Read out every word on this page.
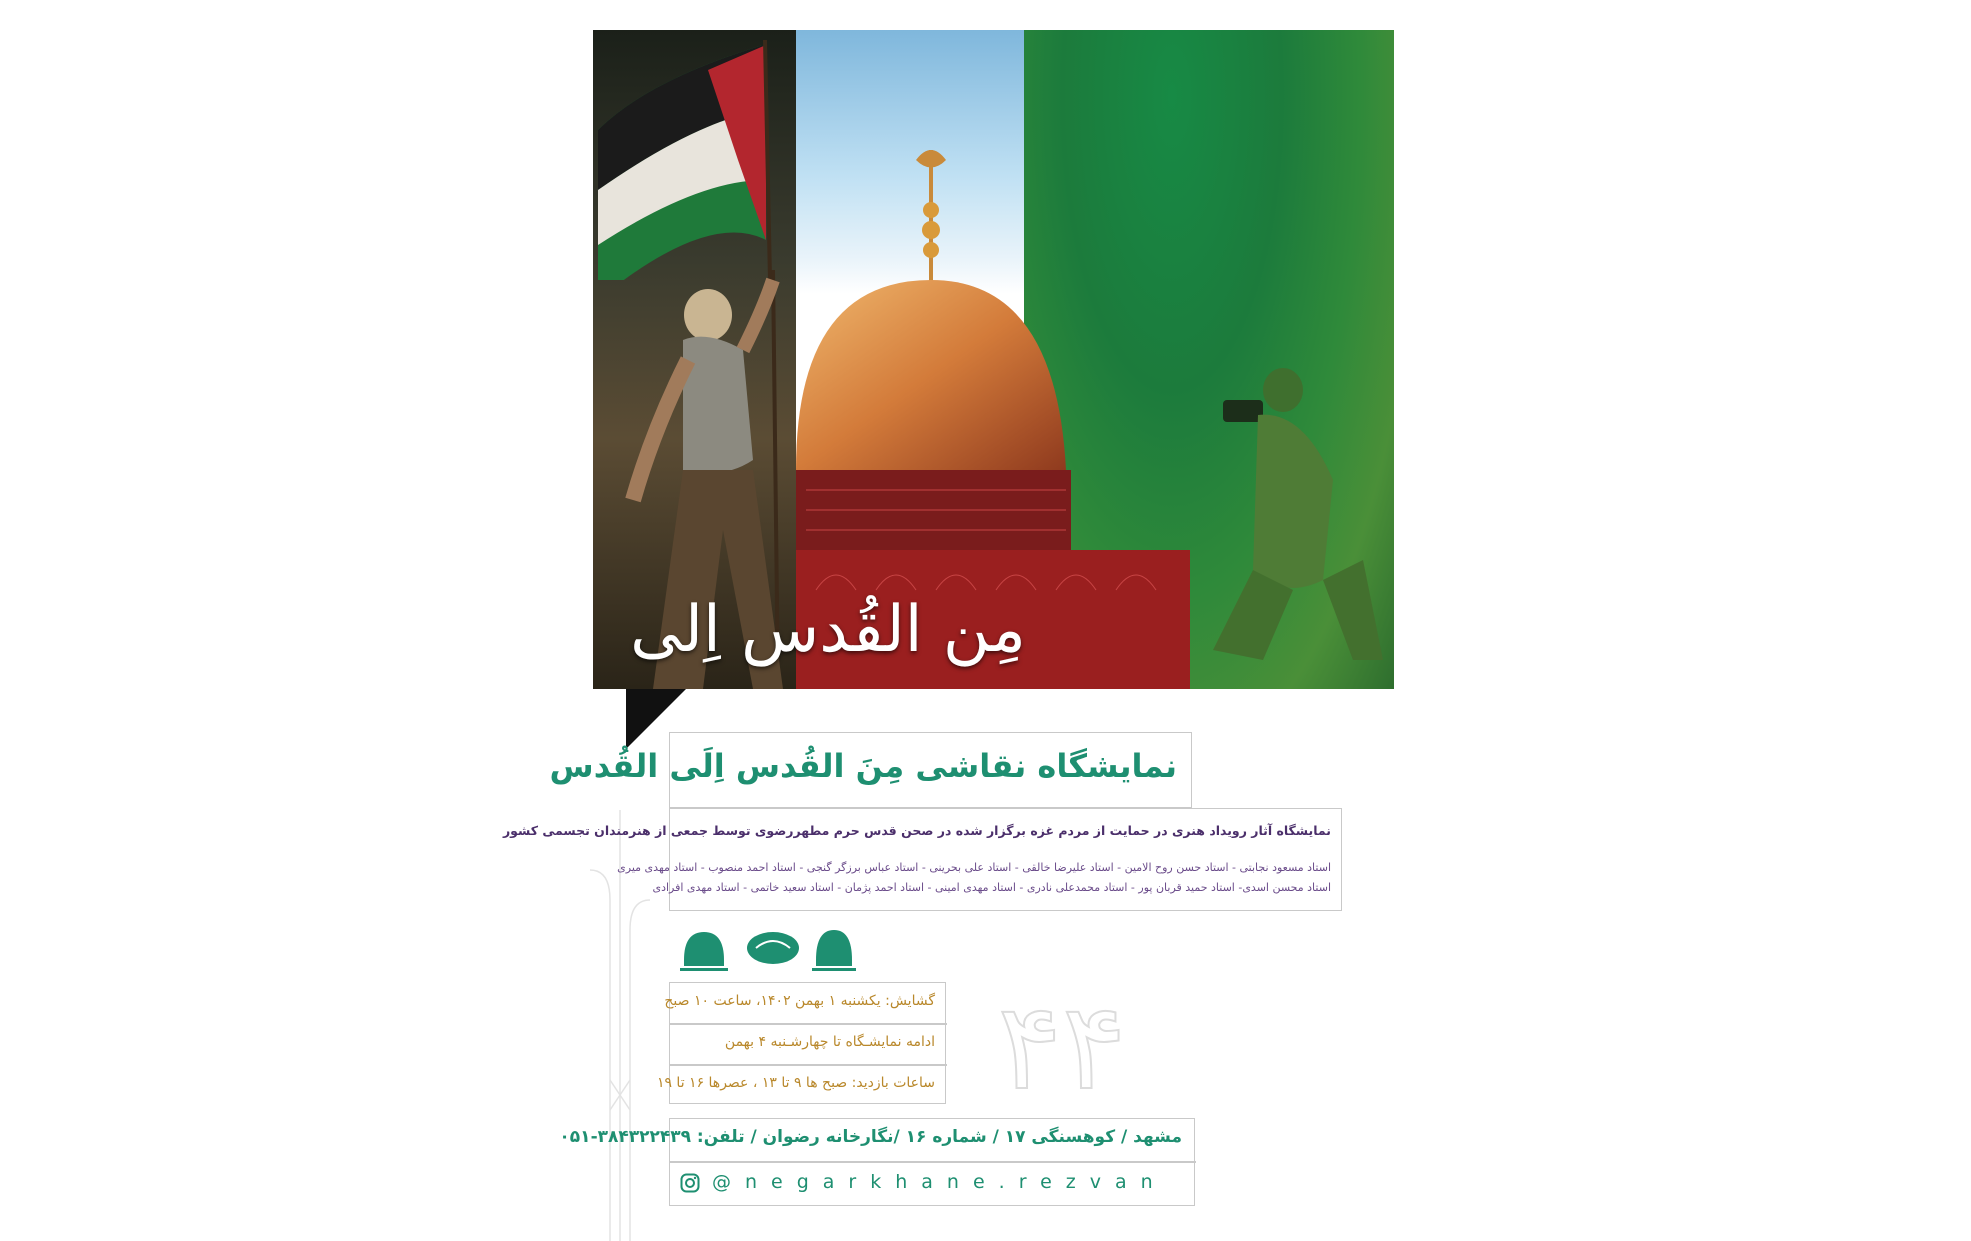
مِن القُدس اِلی
نمایشگاه نقاشی مِنَ القُدس اِلَی القُدس
نمایشگاه آثار رویداد هنری در حمایت از مردم غزه برگزار شده در صحن قدس حرم مطهررضوی توسط جمعی از هنرمندان تجسمی کشور
استاد مسعود نجابتی - استاد حسن روح الامین - استاد علیرضا خالقی - استاد علی بحرینی - استاد عباس برزگر گنجی - استاد احمد منصوب - استاد مهدی میری
استاد محسن اسدی- استاد حمید قربان پور - استاد محمدعلی نادری - استاد مهدی امینی - استاد احمد پژمان - استاد سعید خاتمی - استاد مهدی افرادی
گشایش: یکشنبه ۱ بهمن ۱۴۰۲، ساعت ۱۰ صبح
ادامه نمایشـگاه تا چهارشـنبه ۴ بهمن
ساعات بازدید: صبح ها ۹ تا ۱۳ ، عصرها ۱۶ تا ۱۹ ۴۴
مشهد / کوهسنگی ۱۷ / شماره ۱۶ /نگارخانه رضوان / تلفن: ۳۸۴۳۲۲۴۳۹-۰۵۱
@negarkhane.rezvan
